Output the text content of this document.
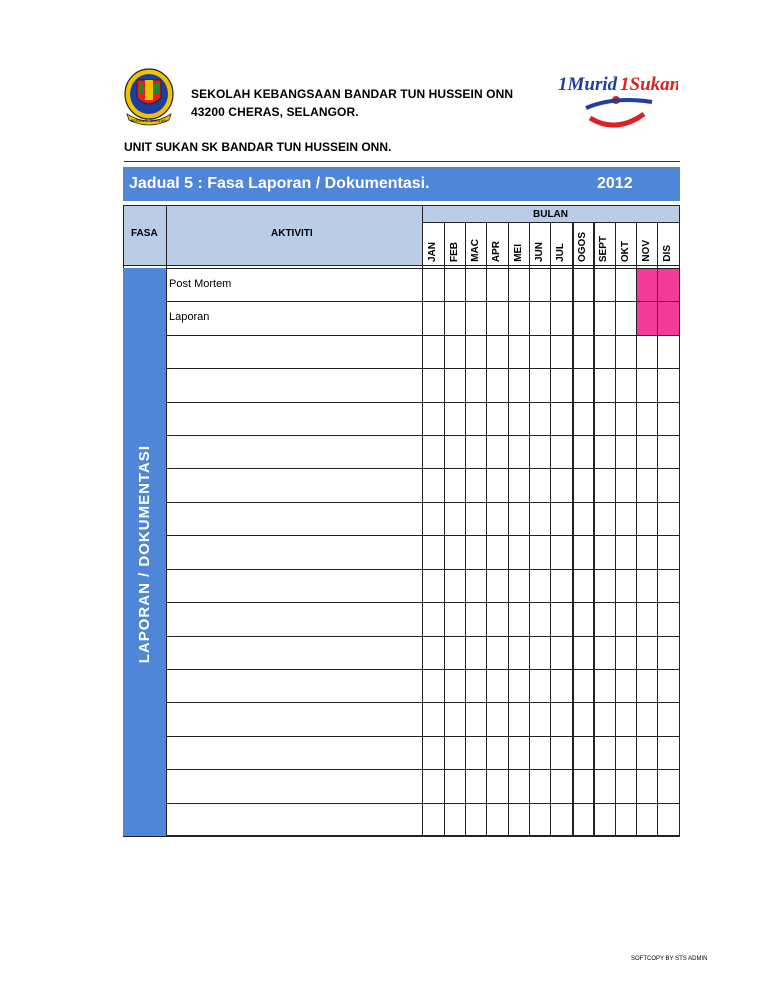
BERBUDI BERILMU
SEKOLAH KEBANGSAAN BANDAR TUN HUSSEIN ONN
43200 CHERAS, SELANGOR.
1Murid 1Sukan
UNIT SUKAN SK BANDAR TUN HUSSEIN ONN.
Jadual 5 : Fasa Laporan / Dokumentasi.	2012
FASA	AKTIVITI
BULAN
JAN FEB MAC APR MEI JUN JUL OGOS SEPT OKT NOV DIS
Post Mortem
Laporan
LAPORAN / DOKUMENTASI
SOFTCOPY BY STS ADMIN
